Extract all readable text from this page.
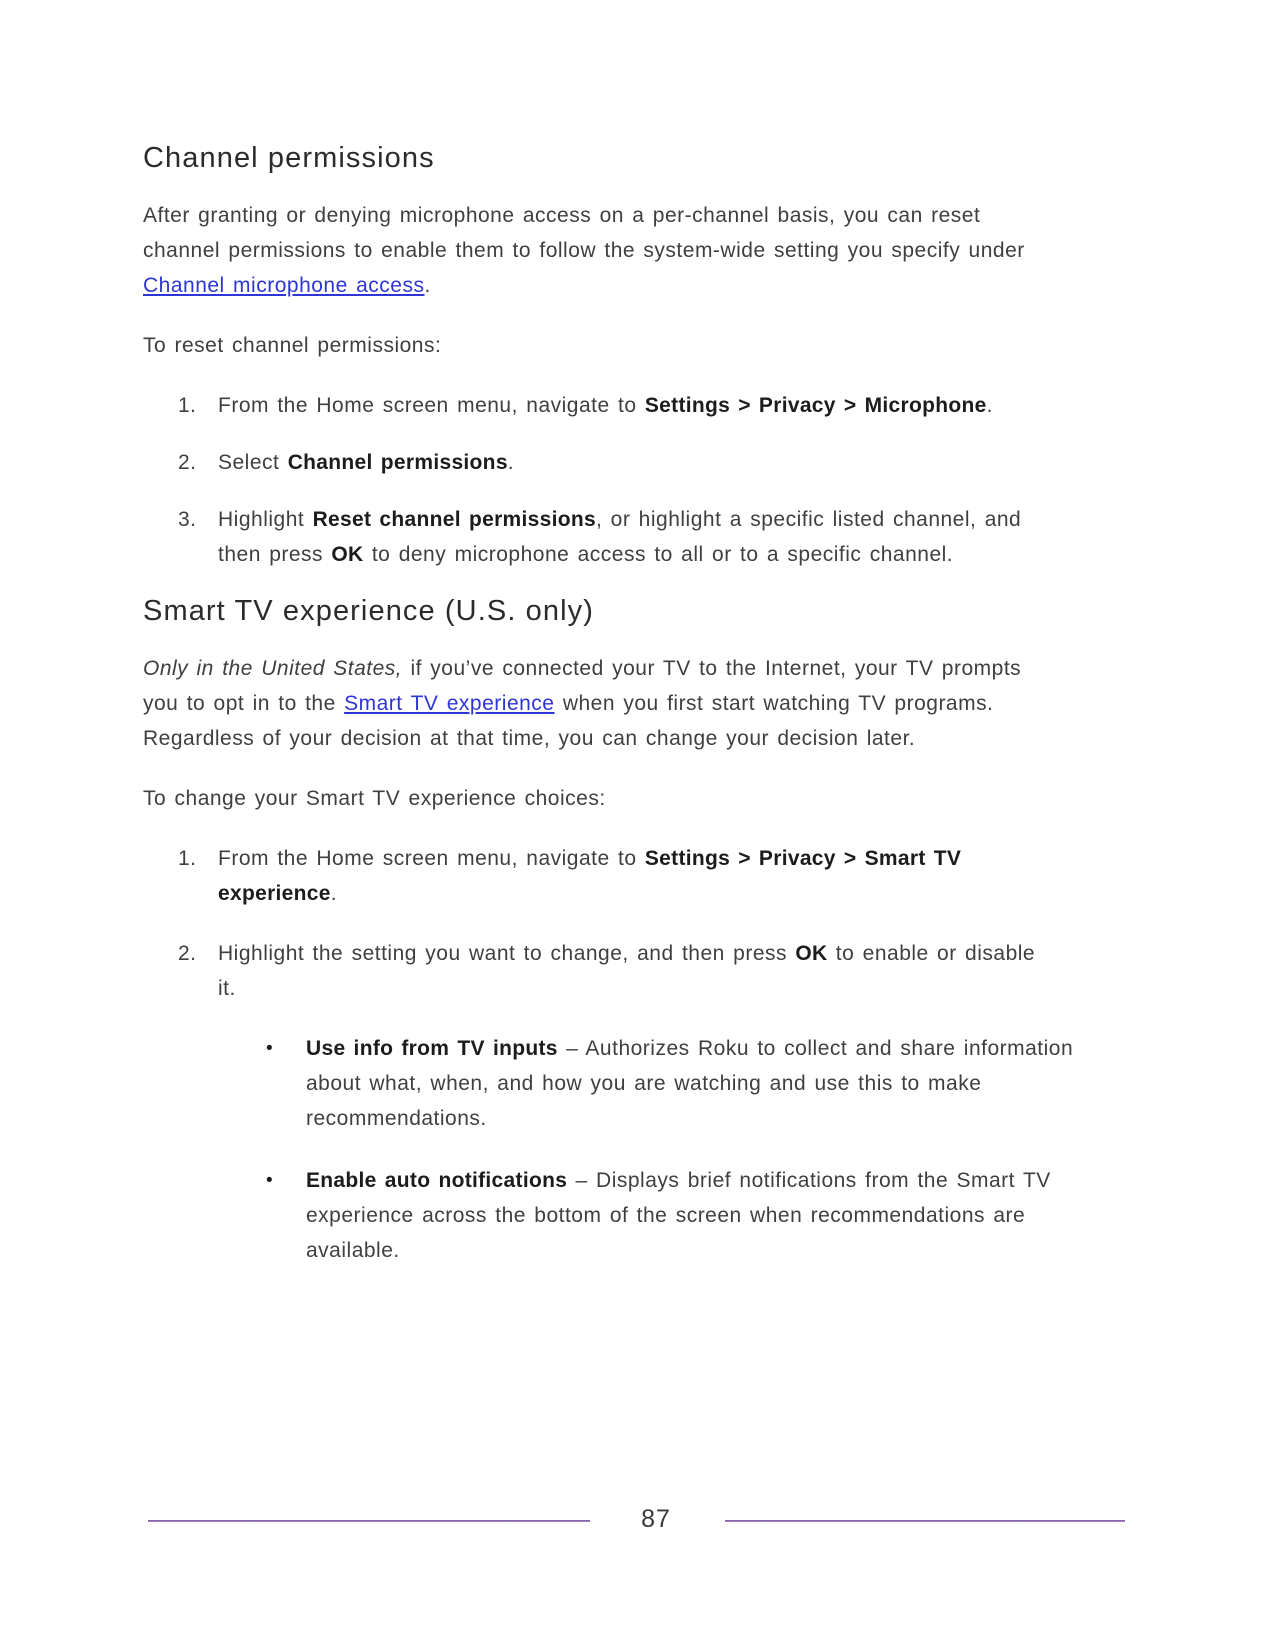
Channel permissions

After granting or denying microphone access on a per-channel basis, you can reset channel permissions to enable them to follow the system-wide setting you specify under Channel microphone access.

To reset channel permissions:

1.	From the Home screen menu, navigate to Settings > Privacy > Microphone.
2.	Select Channel permissions.
3.	Highlight Reset channel permissions, or highlight a specific listed channel, and then press OK to deny microphone access to all or to a specific channel.
Smart TV experience (U.S. only)

Only in the United States, if you’ve connected your TV to the Internet, your TV prompts you to opt in to the Smart TV experience when you first start watching TV programs. Regardless of your decision at that time, you can change your decision later.

To change your Smart TV experience choices:

1.	From the Home screen menu, navigate to Settings > Privacy > Smart TV experience.
2.	Highlight the setting you want to change, and then press OK to enable or disable it.
•	Use info from TV inputs – Authorizes Roku to collect and share information about what, when, and how you are watching and use this to make recommendations.
•	Enable auto notifications – Displays brief notifications from the Smart TV experience across the bottom of the screen when recommendations are available.
87
